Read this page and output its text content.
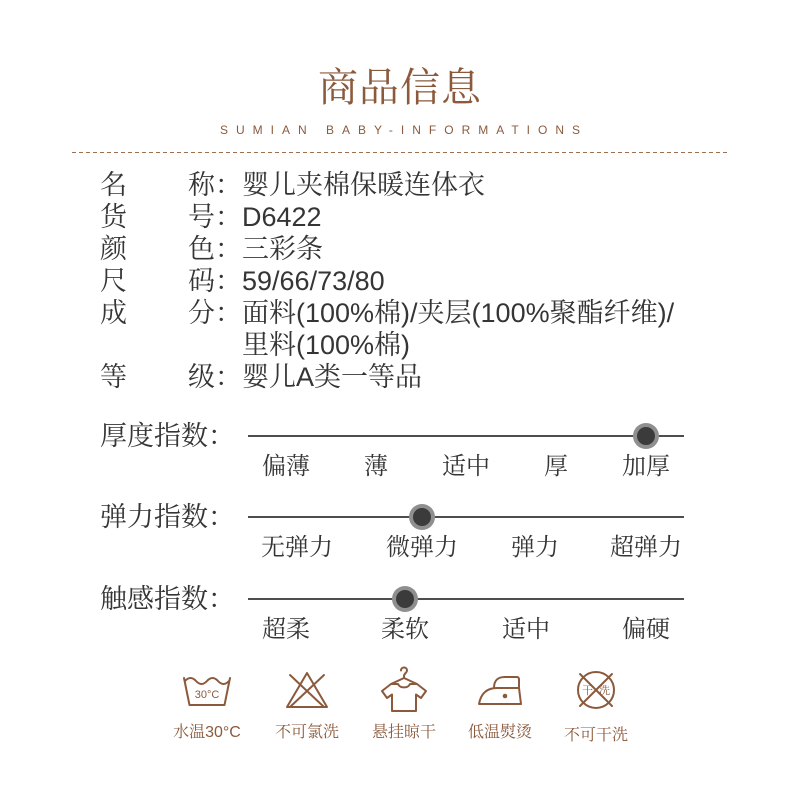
商品信息
SUMIAN BABY-INFORMATIONS
名 称： 婴儿夹棉保暖连体衣
货 号： D6422
颜 色： 三彩条
尺 码： 59/66/73/80
成 分： 面料(100%棉)/夹层(100%聚酯纤维)/
里料(100%棉)
等 级： 婴儿A类一等品
厚度指数：
偏薄 薄 适中 厚 加厚
弹力指数：
无弹力 微弹力 弹力 超弹力
触感指数：
超柔	柔软	适中	偏硬
30°C
水温30°C	不可氯洗	悬挂晾干	低温熨烫
干 洗
不可干洗
